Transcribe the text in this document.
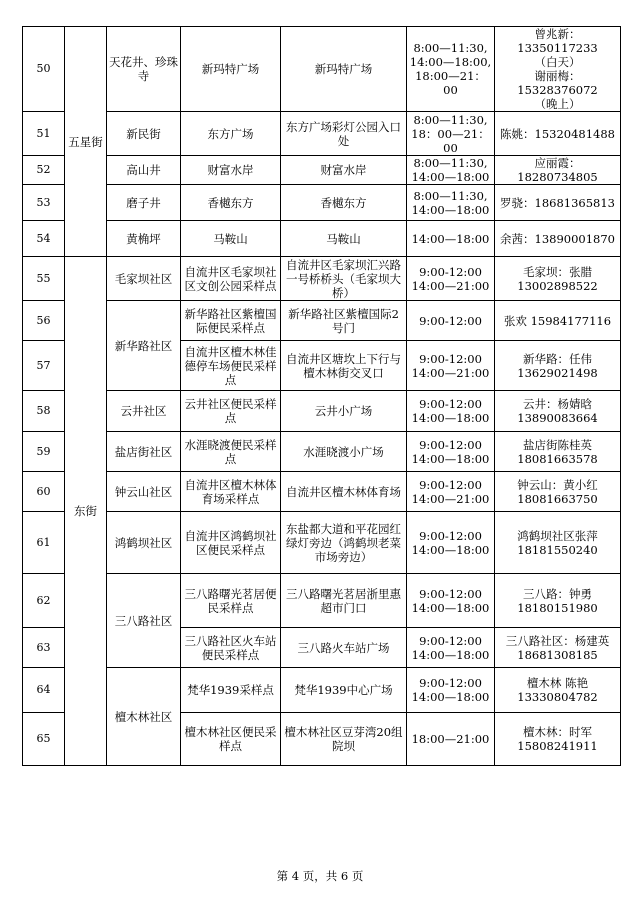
50	五星街	天花井、珍珠寺	新玛特广场	新玛特广场	8:00—11:30,
14:00—18:00,
18:00—21：00	曾兆新：13350117233
（白天）
谢丽梅：15328376072
（晚上）

51		新民街	东方广场	东方广场彩灯公园入口处	8:00—11:30,
18：00—21：00	陈姚：15320481488

52		高山井	财富水岸	财富水岸	8:00—11:30,
14:00—18:00	应丽霞：18280734805

53		磨子井	香樾东方	香樾东方	8:00—11:30,
14:00—18:00	罗骁：18681365813

54		黄桷坪	马鞍山	马鞍山	14:00—18:00	余茜：13890001870

55	东街	毛家坝社区	自流井区毛家坝社区文创公园采样点	自流井区毛家坝汇兴路一号桥桥头（毛家坝大桥）	9:00-12:00
14:00—21:00	毛家坝：张腊
13002898522

56		新华路社区	新华路社区紫檀国际便民采样点	新华路社区紫檀国际2号门	9:00-12:00	张欢 15984177116

57			自流井区檀木林佳德停车场便民采样点	自流井区塘坎上下行与檀木林街交叉口	9:00-12:00
14:00—21:00	新华路：任伟
13629021498

58		云井社区	云井社区便民采样点	云井小广场	9:00-12:00
14:00—18:00	云井：杨婧晗
13890083664

59		盐店街社区	水涯晓渡便民采样点	水涯晓渡小广场	9:00-12:00
14:00—18:00	盐店街陈桂英
18081663578

60		钟云山社区	自流井区檀木林体育场采样点	自流井区檀木林体育场	9:00-12:00
14:00—21:00	钟云山：黄小红
18081663750

61		鸿鹤坝社区	自流井区鸿鹤坝社区便民采样点	东盐都大道和平花园红绿灯旁边（鸿鹤坝老菜市场旁边）	9:00-12:00
14:00—18:00	鸿鹤坝社区张萍
18181550240

62		三八路社区	三八路曙光茗居便民采样点	三八路曙光茗居浙里惠超市门口	9:00-12:00
14:00—18:00	三八路：钟勇
18180151980

63			三八路社区火车站便民采样点	三八路火车站广场	9:00-12:00
14:00—18:00	三八路社区：杨建英
18681308185

64		檀木林社区	梵华1939采样点	梵华1939中心广场	9:00-12:00
14:00—18:00	檀木林 陈艳
13330804782

65			檀木林社区便民采样点	檀木林社区豆芽湾20组院坝	18:00—21:00	檀木林：时军
15808241911
第 4 页，共 6 页
